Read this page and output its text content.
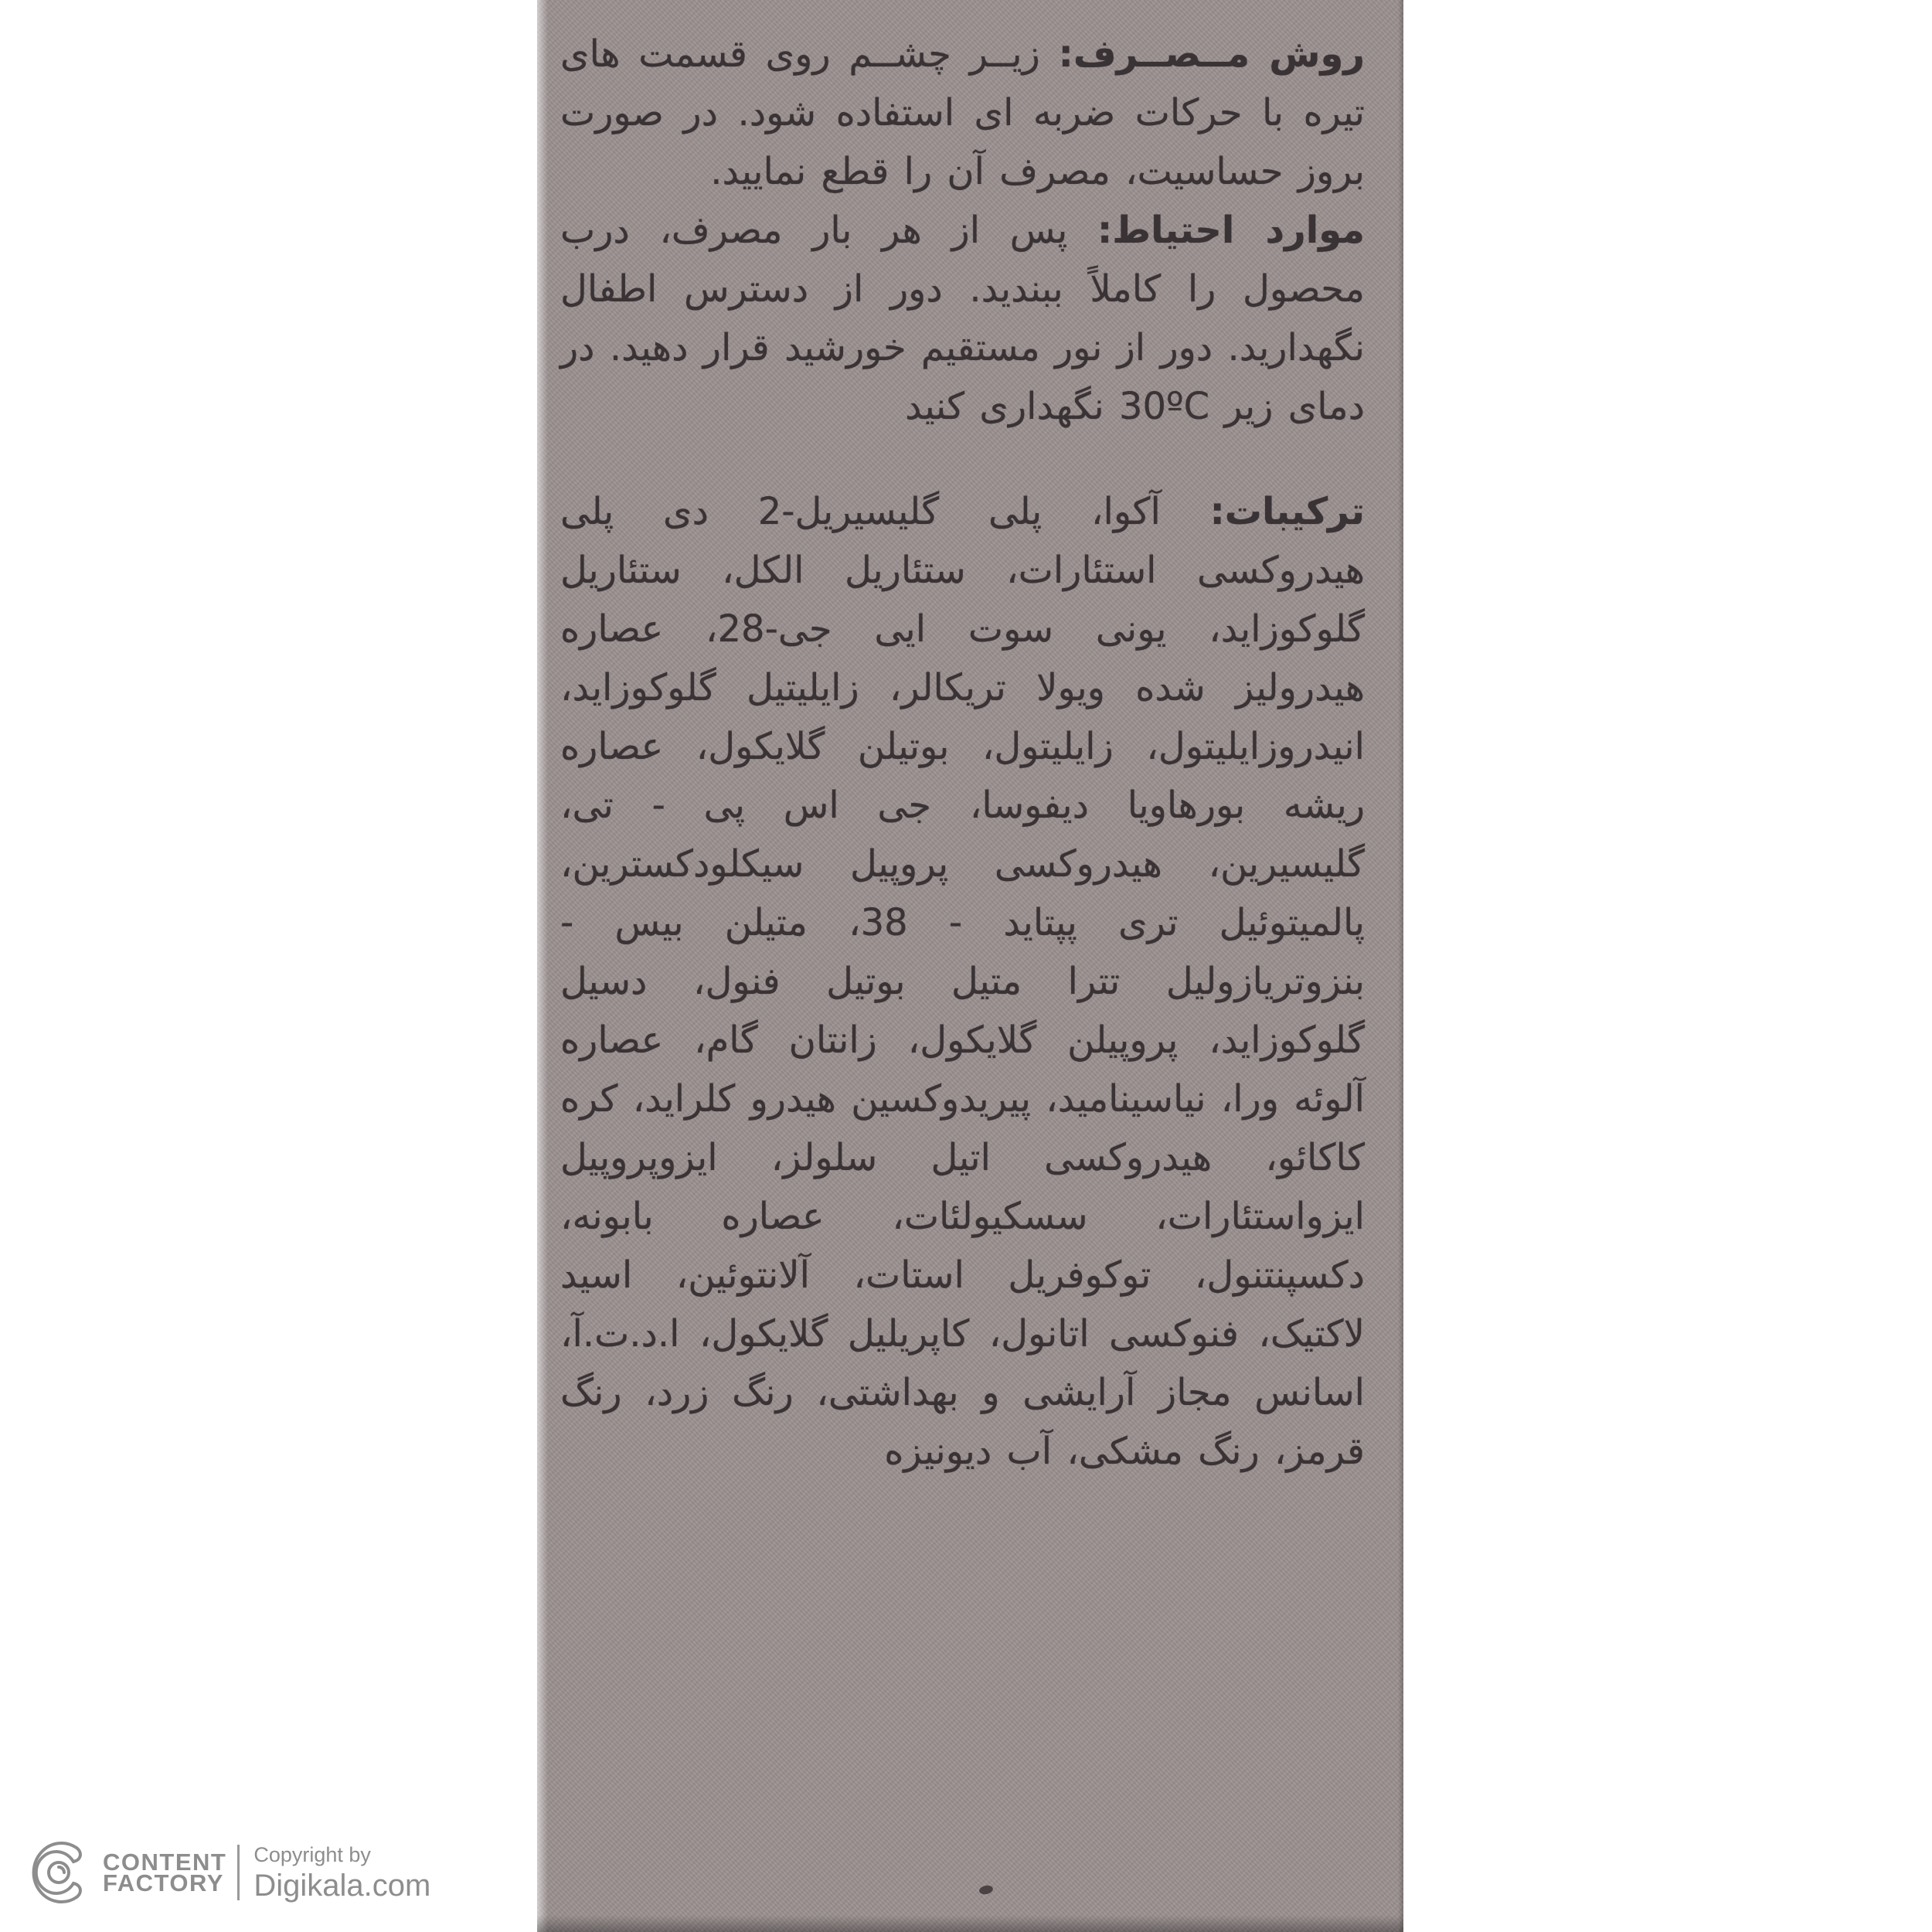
روش مــصــرف: زیــر چشــم روی قسمت های تیره با حرکات ضربه ای استفاده شود. در صورت بروز حساسیت، مصرف آن را قطع نمایید.

موارد احتیاط: پس از هر بار مصرف، درب محصول را کاملاً ببندید. دور از دسترس اطفال نگهدارید. دور از نور مستقیم خورشید قرار دهید. در دمای زیر 30ºC نگهداری کنید

ترکیبات: آکوا، پلی گلیسیریل-2 دی پلی هیدروکسی استئارات، ستئاریل الکل، ستئاریل گلوکوزاید، یونی سوت ایی جی-28، عصاره هیدرولیز شده ویولا تریکالر، زایلیتیل گلوکوزاید، انیدروزایلیتول، زایلیتول، بوتیلن گلایکول، عصاره ریشه بورهاویا دیفوسا، جی اس پی - تی، گلیسیرین، هیدروکسی پروپیل سیکلودکسترین، پالمیتوئیل تری پپتاید - 38، متیلن بیس - بنزوتریازولیل تترا متیل بوتیل فنول، دسیل گلوکوزاید، پروپیلن گلایکول، زانتان گام، عصاره آلوئه ورا، نیاسینامید، پیریدوکسین هیدرو کلراید، کره کاکائو، هیدروکسی اتیل سلولز، ایزوپروپیل ایزواستئارات، سسکیولئات، عصاره بابونه، دکسپنتنول، توکوفریل استات، آلانتوئین، اسید لاکتیک، فنوکسی اتانول، کاپریلیل گلایکول، ا.د.ت.آ، اسانس مجاز آرایشی و بهداشتی، رنگ زرد، رنگ قرمز، رنگ مشکی، آب دیونیزه

CONTENT
FACTORY
Copyright by
Digikala.com
